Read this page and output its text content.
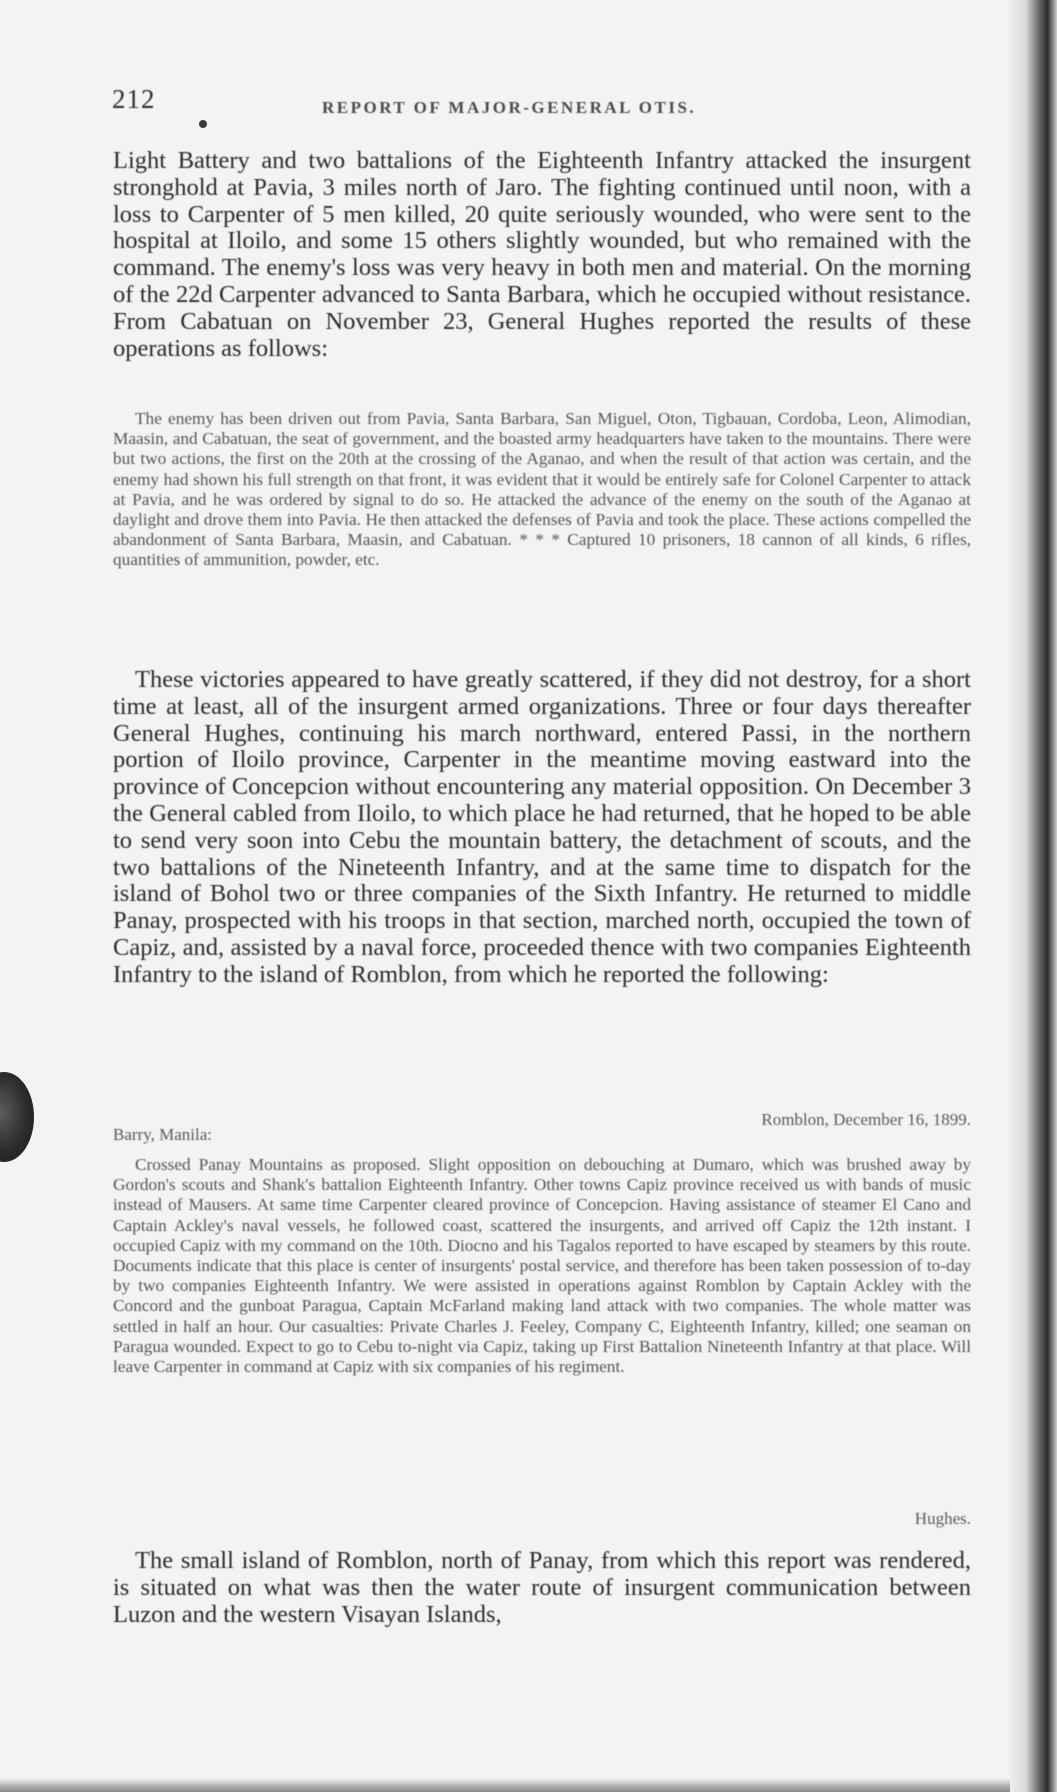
212	REPORT OF MAJOR-GENERAL OTIS.
Light Battery and two battalions of the Eighteenth Infantry attacked the insurgent stronghold at Pavia, 3 miles north of Jaro. The fighting continued until noon, with a loss to Carpenter of 5 men killed, 20 quite seriously wounded, who were sent to the hospital at Iloilo, and some 15 others slightly wounded, but who remained with the command. The enemy's loss was very heavy in both men and material. On the morning of the 22d Carpenter advanced to Santa Barbara, which he occupied without resistance. From Cabatuan on November 23, General Hughes reported the results of these operations as follows:
The enemy has been driven out from Pavia, Santa Barbara, San Miguel, Oton, Tigbauan, Cordoba, Leon, Alimodian, Maasin, and Cabatuan, the seat of government, and the boasted army headquarters have taken to the mountains. There were but two actions, the first on the 20th at the crossing of the Aganao, and when the result of that action was certain, and the enemy had shown his full strength on that front, it was evident that it would be entirely safe for Colonel Carpenter to attack at Pavia, and he was ordered by signal to do so. He attacked the advance of the enemy on the south of the Aganao at daylight and drove them into Pavia. He then attacked the defenses of Pavia and took the place. These actions compelled the abandonment of Santa Barbara, Maasin, and Cabatuan. * * * Captured 10 prisoners, 18 cannon of all kinds, 6 rifles, quantities of ammunition, powder, etc.
These victories appeared to have greatly scattered, if they did not destroy, for a short time at least, all of the insurgent armed organizations. Three or four days thereafter General Hughes, continuing his march northward, entered Passi, in the northern portion of Iloilo province, Carpenter in the meantime moving eastward into the province of Concepcion without encountering any material opposition. On December 3 the General cabled from Iloilo, to which place he had returned, that he hoped to be able to send very soon into Cebu the mountain battery, the detachment of scouts, and the two battalions of the Nineteenth Infantry, and at the same time to dispatch for the island of Bohol two or three companies of the Sixth Infantry. He returned to middle Panay, prospected with his troops in that section, marched north, occupied the town of Capiz, and, assisted by a naval force, proceeded thence with two companies Eighteenth Infantry to the island of Romblon, from which he reported the following:
Romblon, December 16, 1899.
Barry, Manila:
Crossed Panay Mountains as proposed. Slight opposition on debouching at Dumaro, which was brushed away by Gordon's scouts and Shank's battalion Eighteenth Infantry. Other towns Capiz province received us with bands of music instead of Mausers. At same time Carpenter cleared province of Concepcion. Having assistance of steamer El Cano and Captain Ackley's naval vessels, he followed coast, scattered the insurgents, and arrived off Capiz the 12th instant. I occupied Capiz with my command on the 10th. Diocno and his Tagalos reported to have escaped by steamers by this route. Documents indicate that this place is center of insurgents' postal service, and therefore has been taken possession of to-day by two companies Eighteenth Infantry. We were assisted in operations against Romblon by Captain Ackley with the Concord and the gunboat Paragua, Captain McFarland making land attack with two companies. The whole matter was settled in half an hour. Our casualties: Private Charles J. Feeley, Company C, Eighteenth Infantry, killed; one seaman on Paragua wounded. Expect to go to Cebu to-night via Capiz, taking up First Battalion Nineteenth Infantry at that place. Will leave Carpenter in command at Capiz with six companies of his regiment.
Hughes.
The small island of Romblon, north of Panay, from which this report was rendered, is situated on what was then the water route of insurgent communication between Luzon and the western Visayan Islands,
